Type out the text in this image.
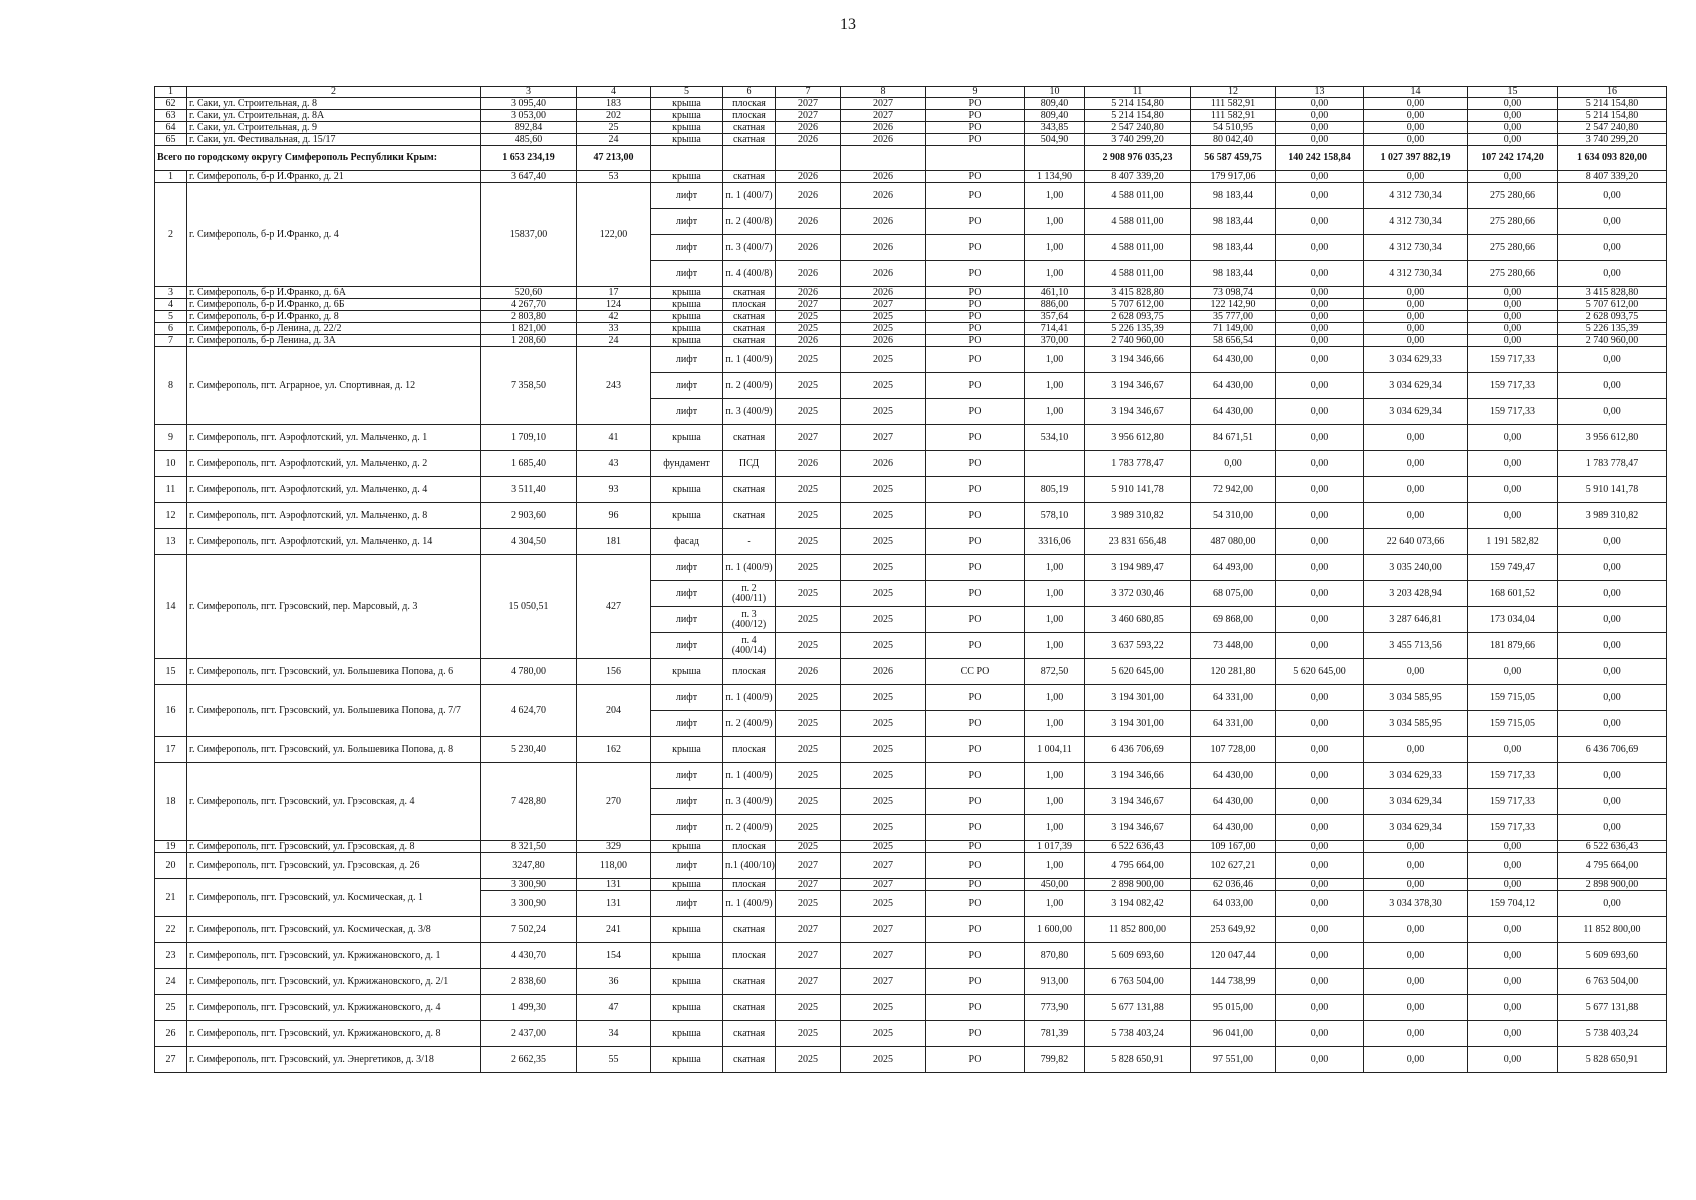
13
1	2	3	4	5	6	7	8	9	10	11	12	13	14	15	16
62	г. Саки, ул. Строительная, д. 8	3 095,40	183	крыша	плоская	2027	2027	РО	809,40	5 214 154,80	111 582,91	0,00	0,00	0,00	5 214 154,80
63	г. Саки, ул. Строительная, д. 8А	3 053,00	202	крыша	плоская	2027	2027	РО	809,40	5 214 154,80	111 582,91	0,00	0,00	0,00	5 214 154,80
64	г. Саки, ул. Строительная, д. 9	892,84	25	крыша	скатная	2026	2026	РО	343,85	2 547 240,80	54 510,95	0,00	0,00	0,00	2 547 240,80
65	г. Саки, ул. Фестивальная, д. 15/17	485,60	24	крыша	скатная	2026	2026	РО	504,90	3 740 299,20	80 042,40	0,00	0,00	0,00	3 740 299,20
Всего по городскому округу Симферополь Республики Крым:		1 653 234,19	47 213,00							2 908 976 035,23	56 587 459,75	140 242 158,84	1 027 397 882,19	107 242 174,20	1 634 093 820,00
1	г. Симферополь, б-р И.Франко, д. 21	3 647,40	53	крыша	скатная	2026	2026	РО	1 134,90	8 407 339,20	179 917,06	0,00	0,00	0,00	8 407 339,20
2	г. Симферополь, б-р И.Франко, д. 4	15837,00	122,00	лифт	п. 1 (400/7)	2026	2026	РО	1,00	4 588 011,00	98 183,44	0,00	4 312 730,34	275 280,66	0,00
				лифт	п. 2 (400/8)	2026	2026	РО	1,00	4 588 011,00	98 183,44	0,00	4 312 730,34	275 280,66	0,00
				лифт	п. 3 (400/7)	2026	2026	РО	1,00	4 588 011,00	98 183,44	0,00	4 312 730,34	275 280,66	0,00
				лифт	п. 4 (400/8)	2026	2026	РО	1,00	4 588 011,00	98 183,44	0,00	4 312 730,34	275 280,66	0,00
3	г. Симферополь, б-р И.Франко, д. 6А	520,60	17	крыша	скатная	2026	2026	РО	461,10	3 415 828,80	73 098,74	0,00	0,00	0,00	3 415 828,80
4	г. Симферополь, б-р И.Франко, д. 6Б	4 267,70	124	крыша	плоская	2027	2027	РО	886,00	5 707 612,00	122 142,90	0,00	0,00	0,00	5 707 612,00
5	г. Симферополь, б-р И.Франко, д. 8	2 803,80	42	крыша	скатная	2025	2025	РО	357,64	2 628 093,75	35 777,00	0,00	0,00	0,00	2 628 093,75
6	г. Симферополь, б-р Ленина, д. 22/2	1 821,00	33	крыша	скатная	2025	2025	РО	714,41	5 226 135,39	71 149,00	0,00	0,00	0,00	5 226 135,39
7	г. Симферополь, б-р Ленина, д. 3А	1 208,60	24	крыша	скатная	2026	2026	РО	370,00	2 740 960,00	58 656,54	0,00	0,00	0,00	2 740 960,00
8	г. Симферополь, пгт. Аграрное, ул. Спортивная, д. 12	7 358,50	243	лифт	п. 1 (400/9)	2025	2025	РО	1,00	3 194 346,66	64 430,00	0,00	3 034 629,33	159 717,33	0,00
				лифт	п. 2 (400/9)	2025	2025	РО	1,00	3 194 346,67	64 430,00	0,00	3 034 629,34	159 717,33	0,00
				лифт	п. 3 (400/9)	2025	2025	РО	1,00	3 194 346,67	64 430,00	0,00	3 034 629,34	159 717,33	0,00
9	г. Симферополь, пгт. Аэрофлотский, ул. Мальченко, д. 1	1 709,10	41	крыша	скатная	2027	2027	РО	534,10	3 956 612,80	84 671,51	0,00	0,00	0,00	3 956 612,80
10	г. Симферополь, пгт. Аэрофлотский, ул. Мальченко, д. 2	1 685,40	43	фундамент	ПСД	2026	2026	РО		1 783 778,47	0,00	0,00	0,00	0,00	1 783 778,47
11	г. Симферополь, пгт. Аэрофлотский, ул. Мальченко, д. 4	3 511,40	93	крыша	скатная	2025	2025	РО	805,19	5 910 141,78	72 942,00	0,00	0,00	0,00	5 910 141,78
12	г. Симферополь, пгт. Аэрофлотский, ул. Мальченко, д. 8	2 903,60	96	крыша	скатная	2025	2025	РО	578,10	3 989 310,82	54 310,00	0,00	0,00	0,00	3 989 310,82
13	г. Симферополь, пгт. Аэрофлотский, ул. Мальченко, д. 14	4 304,50	181	фасад	-	2025	2025	РО	3316,06	23 831 656,48	487 080,00	0,00	22 640 073,66	1 191 582,82	0,00
14	г. Симферополь, пгт. Грэсовский, пер. Марсовый, д. 3	15 050,51	427	лифт	п. 1 (400/9)	2025	2025	РО	1,00	3 194 989,47	64 493,00	0,00	3 035 240,00	159 749,47	0,00
				лифт	п. 2 (400/11)	2025	2025	РО	1,00	3 372 030,46	68 075,00	0,00	3 203 428,94	168 601,52	0,00
				лифт	п. 3 (400/12)	2025	2025	РО	1,00	3 460 680,85	69 868,00	0,00	3 287 646,81	173 034,04	0,00
				лифт	п. 4 (400/14)	2025	2025	РО	1,00	3 637 593,22	73 448,00	0,00	3 455 713,56	181 879,66	0,00
15	г. Симферополь, пгт. Грэсовский, ул. Большевика Попова, д. 6	4 780,00	156	крыша	плоская	2026	2026	СС РО	872,50	5 620 645,00	120 281,80	5 620 645,00	0,00	0,00	0,00
16	г. Симферополь, пгт. Грэсовский, ул. Большевика Попова, д. 7/7	4 624,70	204	лифт	п. 1 (400/9)	2025	2025	РО	1,00	3 194 301,00	64 331,00	0,00	3 034 585,95	159 715,05	0,00
				лифт	п. 2 (400/9)	2025	2025	РО	1,00	3 194 301,00	64 331,00	0,00	3 034 585,95	159 715,05	0,00
17	г. Симферополь, пгт. Грэсовский, ул. Большевика Попова, д. 8	5 230,40	162	крыша	плоская	2025	2025	РО	1 004,11	6 436 706,69	107 728,00	0,00	0,00	0,00	6 436 706,69
18	г. Симферополь, пгт. Грэсовский, ул. Грэсовская, д. 4	7 428,80	270	лифт	п. 1 (400/9)	2025	2025	РО	1,00	3 194 346,66	64 430,00	0,00	3 034 629,33	159 717,33	0,00
				лифт	п. 3 (400/9)	2025	2025	РО	1,00	3 194 346,67	64 430,00	0,00	3 034 629,34	159 717,33	0,00
				лифт	п. 2 (400/9)	2025	2025	РО	1,00	3 194 346,67	64 430,00	0,00	3 034 629,34	159 717,33	0,00
19	г. Симферополь, пгт. Грэсовский, ул. Грэсовская, д. 8	8 321,50	329	крыша	плоская	2025	2025	РО	1 017,39	6 522 636,43	109 167,00	0,00	0,00	0,00	6 522 636,43
20	г. Симферополь, пгт. Грэсовский, ул. Грэсовская, д. 26	3247,80	118,00	лифт	п.1 (400/10)	2027	2027	РО	1,00	4 795 664,00	102 627,21	0,00	0,00	0,00	4 795 664,00
21	г. Симферополь, пгт. Грэсовский, ул. Космическая, д. 1	3 300,90	131	крыша	плоская	2027	2027	РО	450,00	2 898 900,00	62 036,46	0,00	0,00	0,00	2 898 900,00
		3 300,90	131	лифт	п. 1 (400/9)	2025	2025	РО	1,00	3 194 082,42	64 033,00	0,00	3 034 378,30	159 704,12	0,00
22	г. Симферополь, пгт. Грэсовский, ул. Космическая, д. 3/8	7 502,24	241	крыша	скатная	2027	2027	РО	1 600,00	11 852 800,00	253 649,92	0,00	0,00	0,00	11 852 800,00
23	г. Симферополь, пгт. Грэсовский, ул. Кржижановского, д. 1	4 430,70	154	крыша	плоская	2027	2027	РО	870,80	5 609 693,60	120 047,44	0,00	0,00	0,00	5 609 693,60
24	г. Симферополь, пгт. Грэсовский, ул. Кржижановского, д. 2/1	2 838,60	36	крыша	скатная	2027	2027	РО	913,00	6 763 504,00	144 738,99	0,00	0,00	0,00	6 763 504,00
25	г. Симферополь, пгт. Грэсовский, ул. Кржижановского, д. 4	1 499,30	47	крыша	скатная	2025	2025	РО	773,90	5 677 131,88	95 015,00	0,00	0,00	0,00	5 677 131,88
26	г. Симферополь, пгт. Грэсовский, ул. Кржижановского, д. 8	2 437,00	34	крыша	скатная	2025	2025	РО	781,39	5 738 403,24	96 041,00	0,00	0,00	0,00	5 738 403,24
27	г. Симферополь, пгт. Грэсовский, ул. Энергетиков, д. 3/18	2 662,35	55	крыша	скатная	2025	2025	РО	799,82	5 828 650,91	97 551,00	0,00	0,00	0,00	5 828 650,91
